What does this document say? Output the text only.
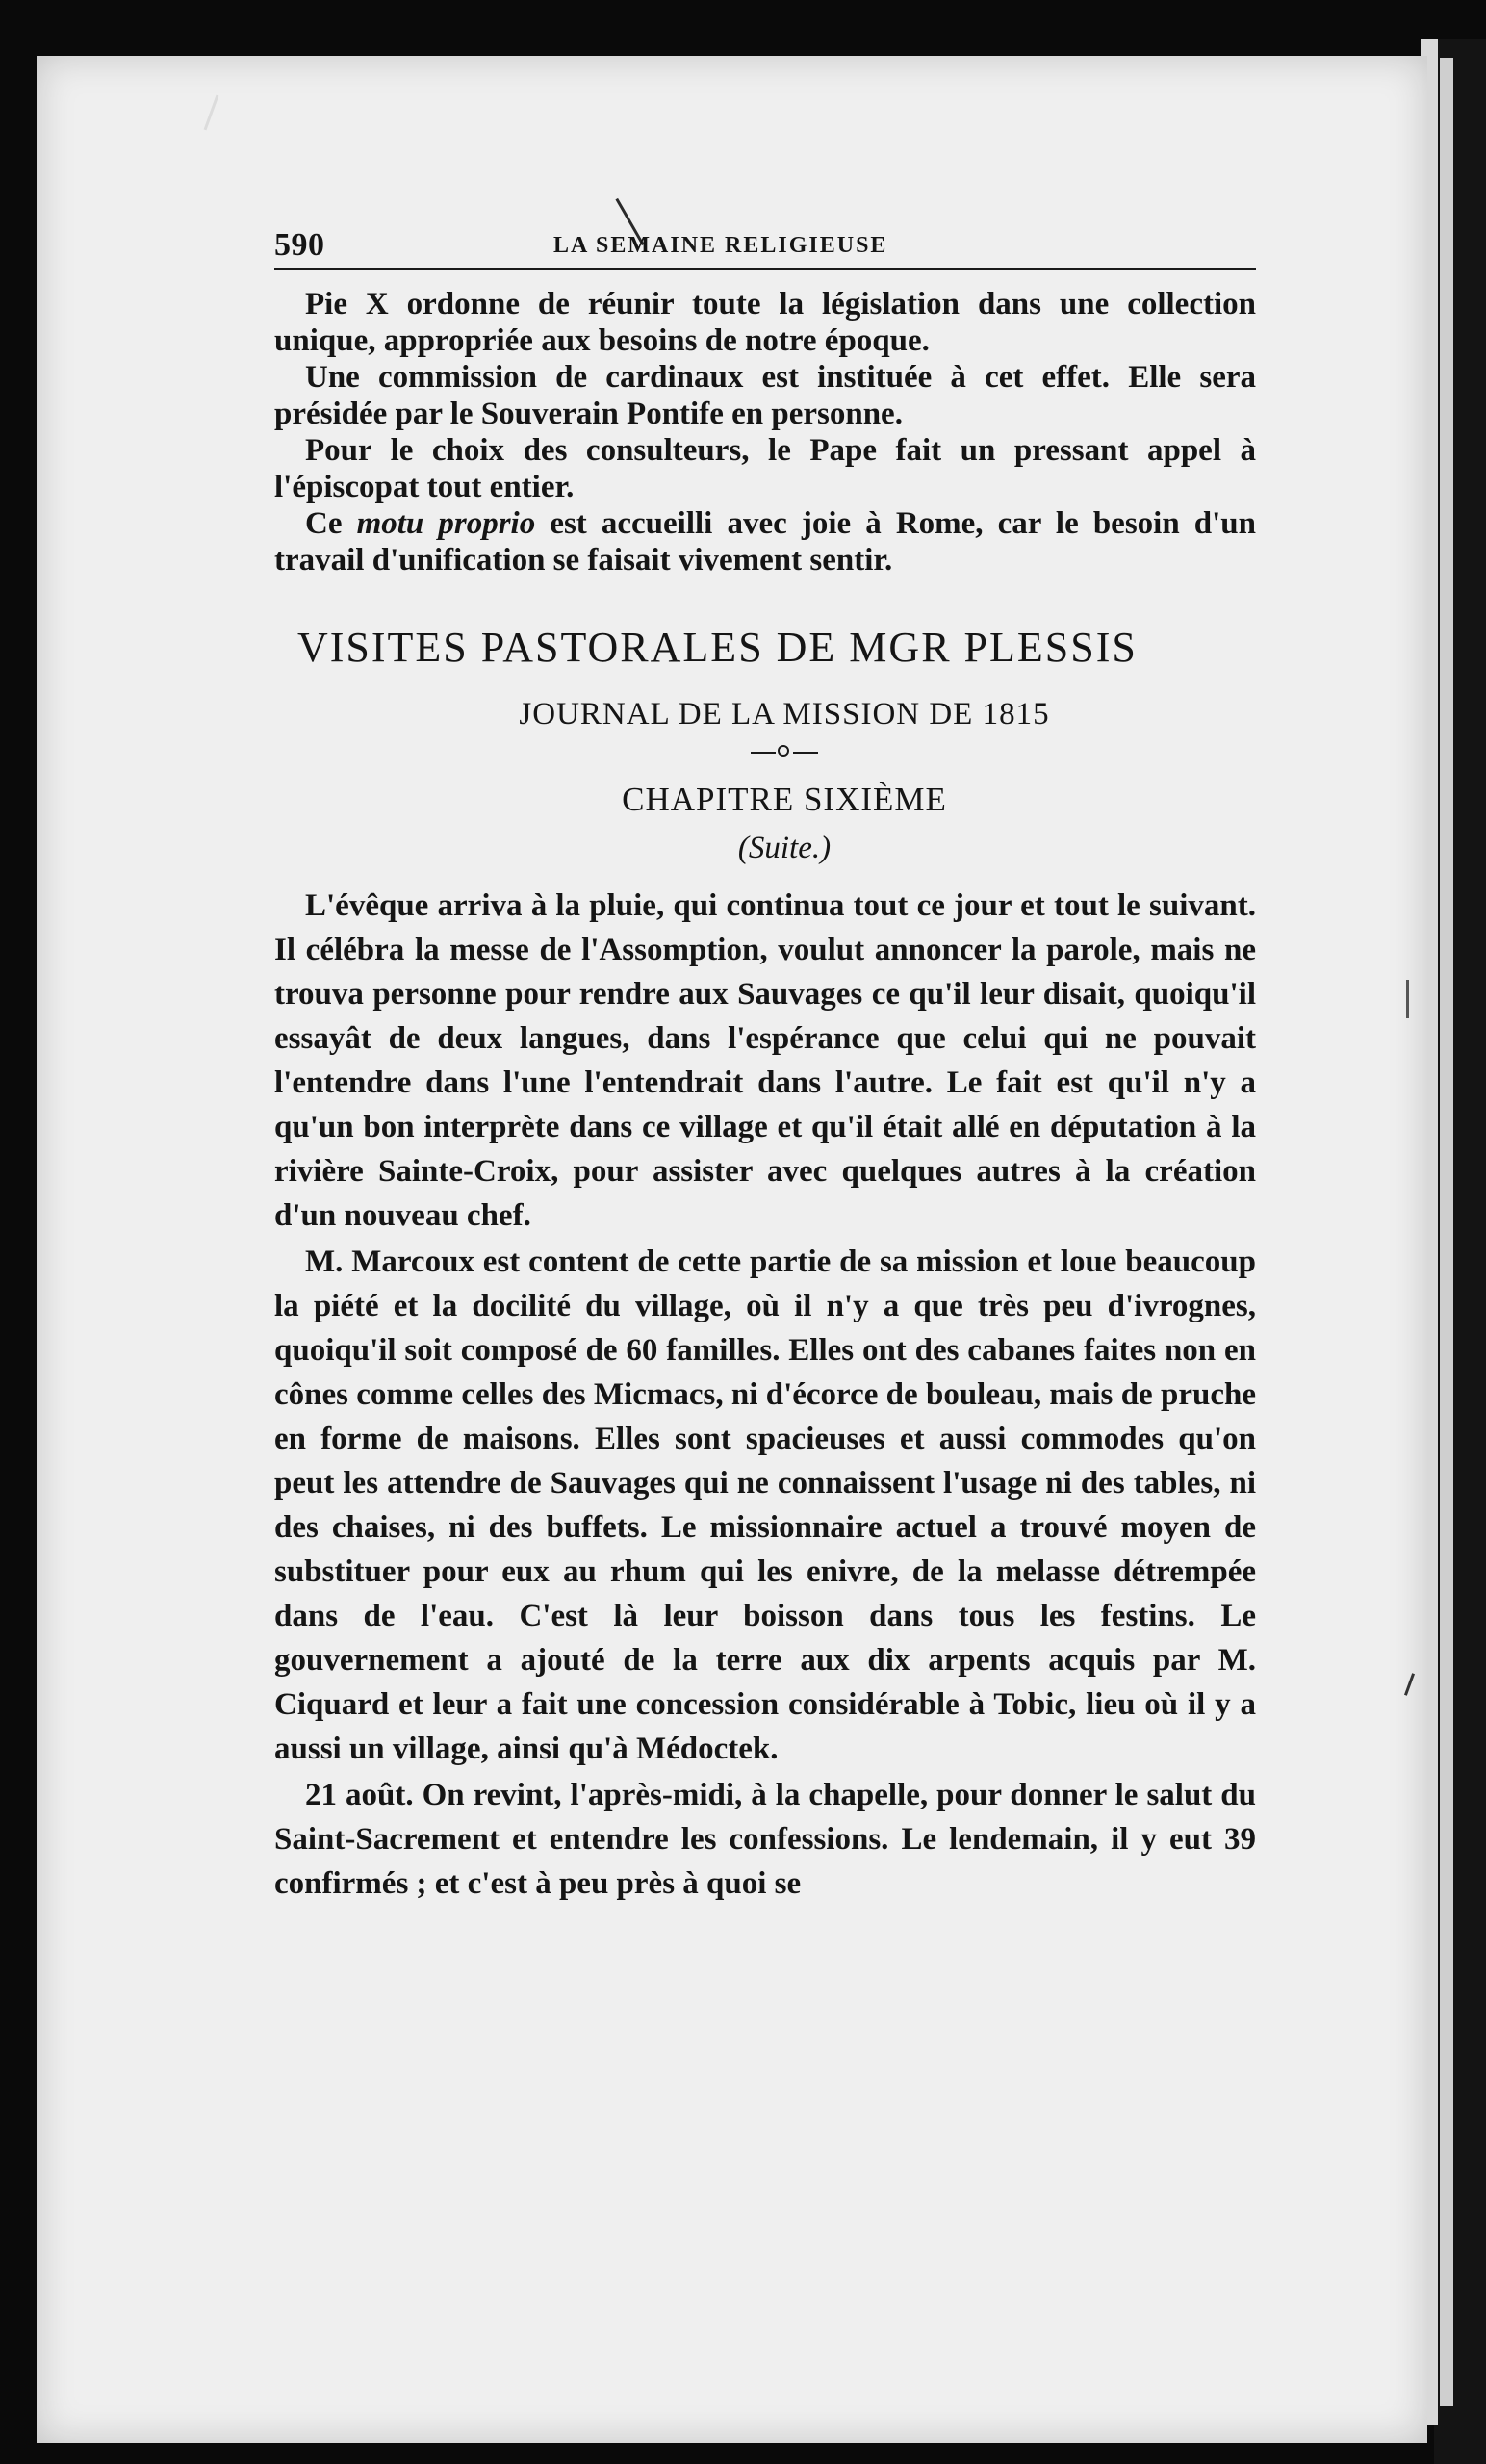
590	LA SEMAINE RELIGIEUSE

Pie X ordonne de réunir toute la législation dans une collection unique, appropriée aux besoins de notre époque.

Une commission de cardinaux est instituée à cet effet. Elle sera présidée par le Souverain Pontife en personne.

Pour le choix des consulteurs, le Pape fait un pressant appel à l'épiscopat tout entier.

Ce motu proprio est accueilli avec joie à Rome, car le besoin d'un travail d'unification se faisait vivement sentir.

VISITES PASTORALES DE MGR PLESSIS
JOURNAL DE LA MISSION DE 1815
CHAPITRE SIXIÈME
(Suite.)

L'évêque arriva à la pluie, qui continua tout ce jour et tout le suivant. Il célébra la messe de l'Assomption, voulut annoncer la parole, mais ne trouva personne pour rendre aux Sauvages ce qu'il leur disait, quoiqu'il essayât de deux langues, dans l'espérance que celui qui ne pouvait l'entendre dans l'une l'entendrait dans l'autre. Le fait est qu'il n'y a qu'un bon interprète dans ce village et qu'il était allé en députation à la rivière Sainte-Croix, pour assister avec quelques autres à la création d'un nouveau chef.

M. Marcoux est content de cette partie de sa mission et loue beaucoup la piété et la docilité du village, où il n'y a que très peu d'ivrognes, quoiqu'il soit composé de 60 familles. Elles ont des cabanes faites non en cônes comme celles des Micmacs, ni d'écorce de bouleau, mais de pruche en forme de maisons. Elles sont spacieuses et aussi commodes qu'on peut les attendre de Sauvages qui ne connaissent l'usage ni des tables, ni des chaises, ni des buffets. Le missionnaire actuel a trouvé moyen de substituer pour eux au rhum qui les enivre, de la melasse détrempée dans de l'eau. C'est là leur boisson dans tous les festins. Le gouvernement a ajouté de la terre aux dix arpents acquis par M. Ciquard et leur a fait une concession considérable à Tobic, lieu où il y a aussi un village, ainsi qu'à Médoctek.

21 août. On revint, l'après-midi, à la chapelle, pour donner le salut du Saint-Sacrement et entendre les confessions. Le lendemain, il y eut 39 confirmés ; et c'est à peu près à quoi se
